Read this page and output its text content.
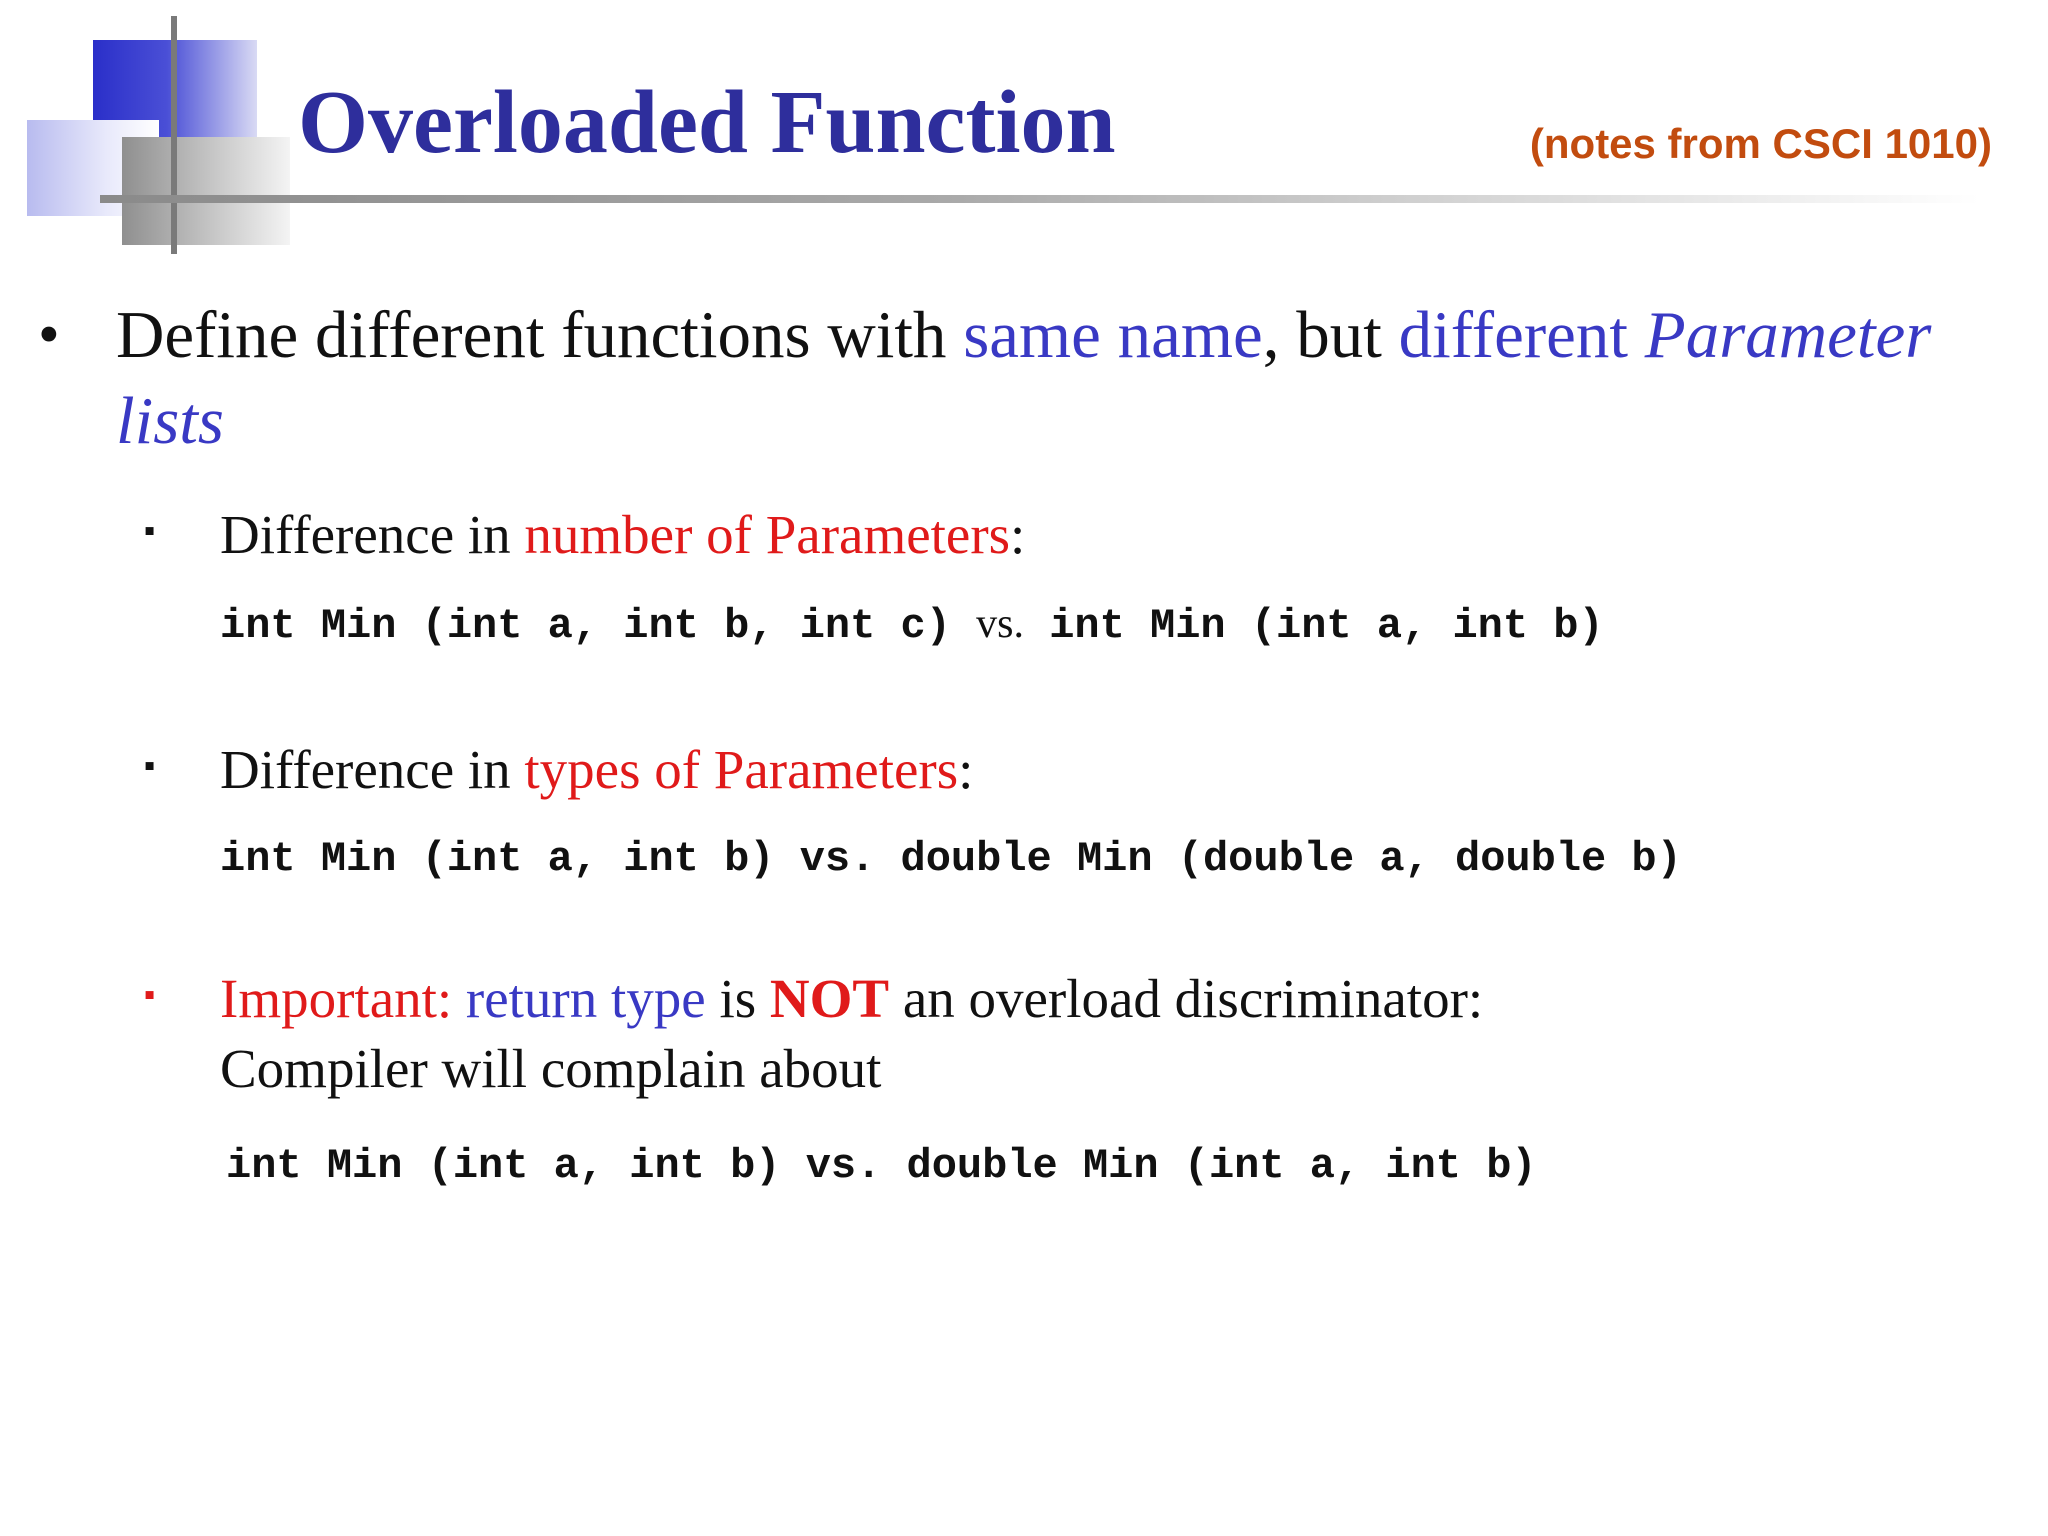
Overloaded Function	(notes from CSCI 1010)
• Define different functions with same name, but different Parameter lists

▪ Difference in number of Parameters:

int Min (int a, int b, int c) vs. int Min (int a, int b)

▪ Difference in types of Parameters:

int Min (int a, int b) vs. double Min (double a, double b)

▪ Important: return type is NOT an overload discriminator:

Compiler will complain about

int Min (int a, int b) vs. double Min (int a, int b)
